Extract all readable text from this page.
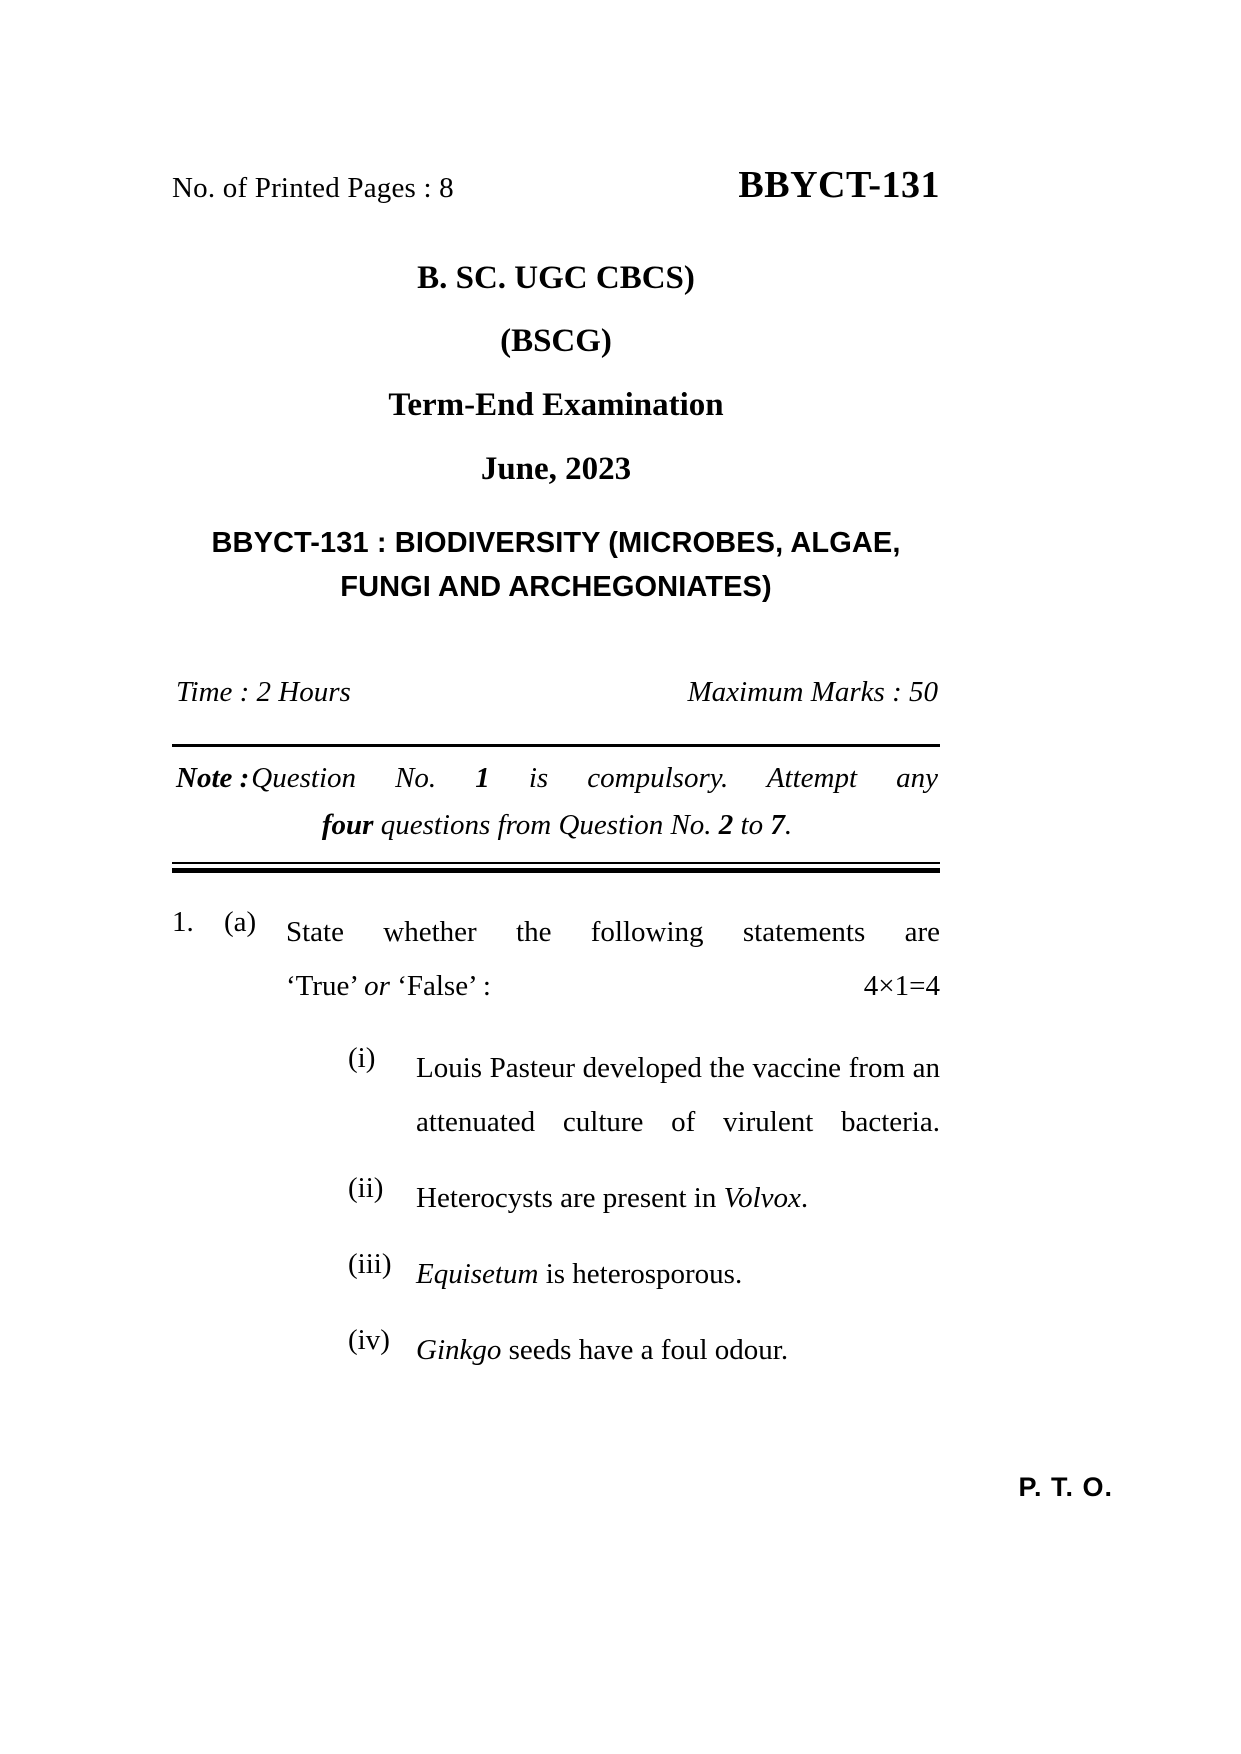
No. of Printed Pages : 8	BBYCT-131
B. SC. UGC CBCS)
(BSCG)
Term-End Examination
June, 2023
BBYCT-131 : BIODIVERSITY (MICROBES, ALGAE,
FUNGI AND ARCHEGONIATES)
Time : 2 Hours	Maximum Marks : 50
Note : Question No. 1 is compulsory. Attempt any
four questions from Question No. 2 to 7.
1.	(a)	State whether the following statements are
‘True’ or ‘False’ :	4×1=4
(i)	Louis Pasteur developed the vaccine from an attenuated culture of virulent bacteria.
(ii)	Heterocysts are present in Volvox.
(iii) Equisetum is heterosporous.
(iv) Ginkgo seeds have a foul odour.
P. T. O.
